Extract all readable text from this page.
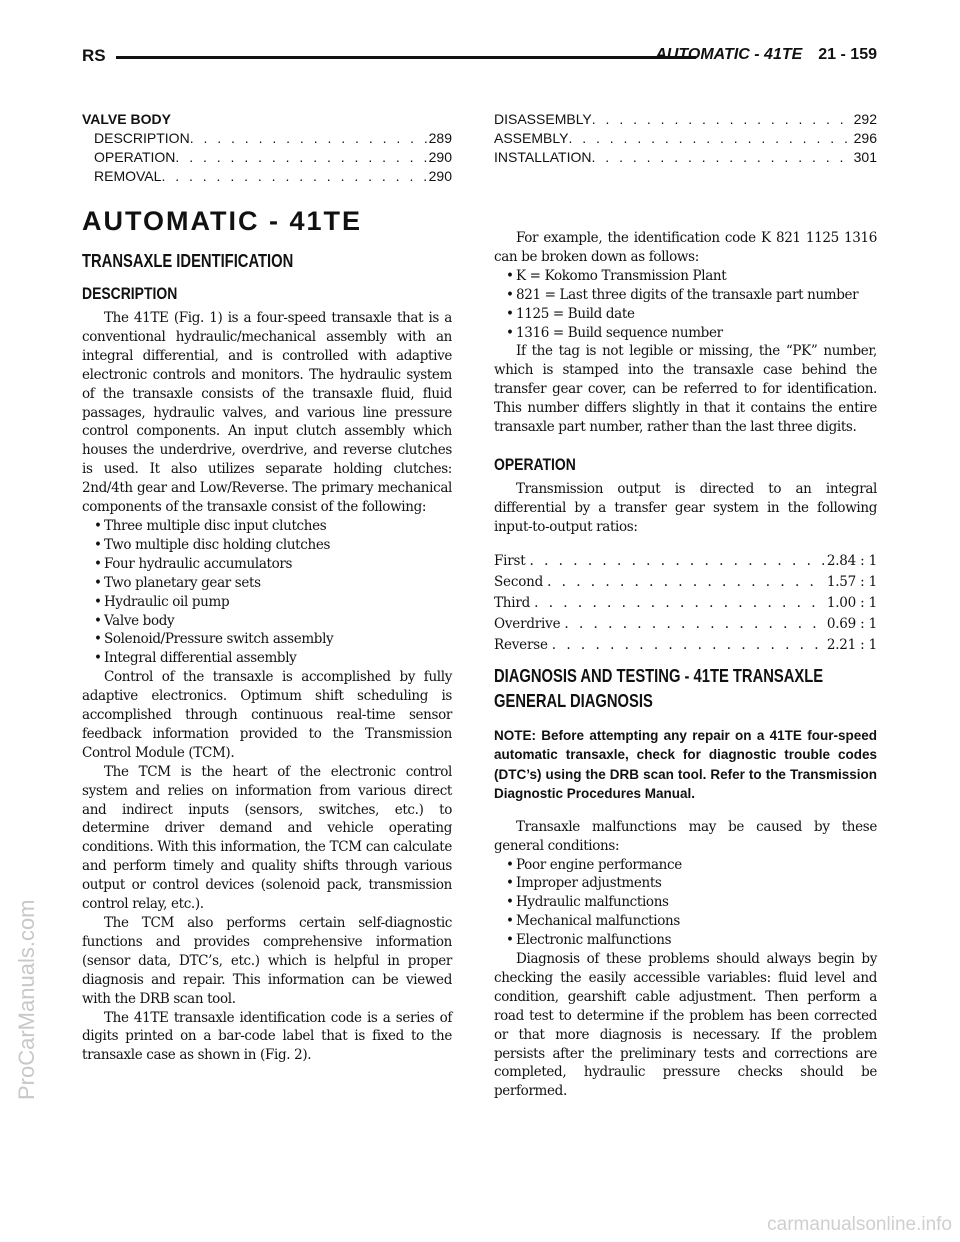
RS	AUTOMATIC - 41TE 21 - 159
VALVE BODY
DESCRIPTION . . .	289
OPERATION . . .	290
REMOVAL . . .	290
AUTOMATIC - 41TE
TRANSAXLE IDENTIFICATION
DESCRIPTION

The 41TE (Fig. 1) is a four-speed transaxle that is a conventional hydraulic/mechanical assembly with an integral differential, and is controlled with adaptive electronic controls and monitors. The hydraulic system of the transaxle consists of the transaxle fluid, fluid passages, hydraulic valves, and various line pressure control components. An input clutch assembly which houses the underdrive, overdrive, and reverse clutches is used. It also utilizes separate holding clutches: 2nd/4th gear and Low/Reverse. The primary mechanical components of the transaxle consist of the following:

• Three multiple disc input clutches
• Two multiple disc holding clutches
• Four hydraulic accumulators
• Two planetary gear sets
• Hydraulic oil pump
• Valve body
• Solenoid/Pressure switch assembly
• Integral differential assembly

Control of the transaxle is accomplished by fully adaptive electronics. Optimum shift scheduling is accomplished through continuous real-time sensor feedback information provided to the Transmission Control Module (TCM).

The TCM is the heart of the electronic control system and relies on information from various direct and indirect inputs (sensors, switches, etc.) to determine driver demand and vehicle operating conditions. With this information, the TCM can calculate and perform timely and quality shifts through various output or control devices (solenoid pack, transmission control relay, etc.).

The TCM also performs certain self-diagnostic functions and provides comprehensive information (sensor data, DTC’s, etc.) which is helpful in proper diagnosis and repair. This information can be viewed with the DRB scan tool.

The 41TE transaxle identification code is a series of digits printed on a bar-code label that is fixed to the transaxle case as shown in (Fig. 2).

DISASSEMBLY . . .	292
ASSEMBLY . . .	296
INSTALLATION . . .	301

For example, the identification code K 821 1125 1316 can be broken down as follows:

• K = Kokomo Transmission Plant
• 821 = Last three digits of the transaxle part number
• 1125 = Build date
• 1316 = Build sequence number

If the tag is not legible or missing, the “PK” number, which is stamped into the transaxle case behind the transfer gear cover, can be referred to for identification. This number differs slightly in that it contains the entire transaxle part number, rather than the last three digits.

OPERATION

Transmission output is directed to an integral differential by a transfer gear system in the following input-to-output ratios:

First . . .	2.84 : 1
Second . . .	1.57 : 1
Third . . .	1.00 : 1
Overdrive . . .	0.69 : 1
Reverse . . .	2.21 : 1
DIAGNOSIS AND TESTING - 41TE TRANSAXLE
GENERAL DIAGNOSIS
NOTE: Before attempting any repair on a 41TE four-speed automatic transaxle, check for diagnostic trouble codes (DTC’s) using the DRB scan tool. Refer to the Transmission Diagnostic Procedures Manual.

Transaxle malfunctions may be caused by these general conditions:

• Poor engine performance
• Improper adjustments
• Hydraulic malfunctions
• Mechanical malfunctions
• Electronic malfunctions

Diagnosis of these problems should always begin by checking the easily accessible variables: fluid level and condition, gearshift cable adjustment. Then perform a road test to determine if the problem has been corrected or that more diagnosis is necessary. If the problem persists after the preliminary tests and corrections are completed, hydraulic pressure checks should be performed.

ProCarManuals.com
carmanualsonline.info
